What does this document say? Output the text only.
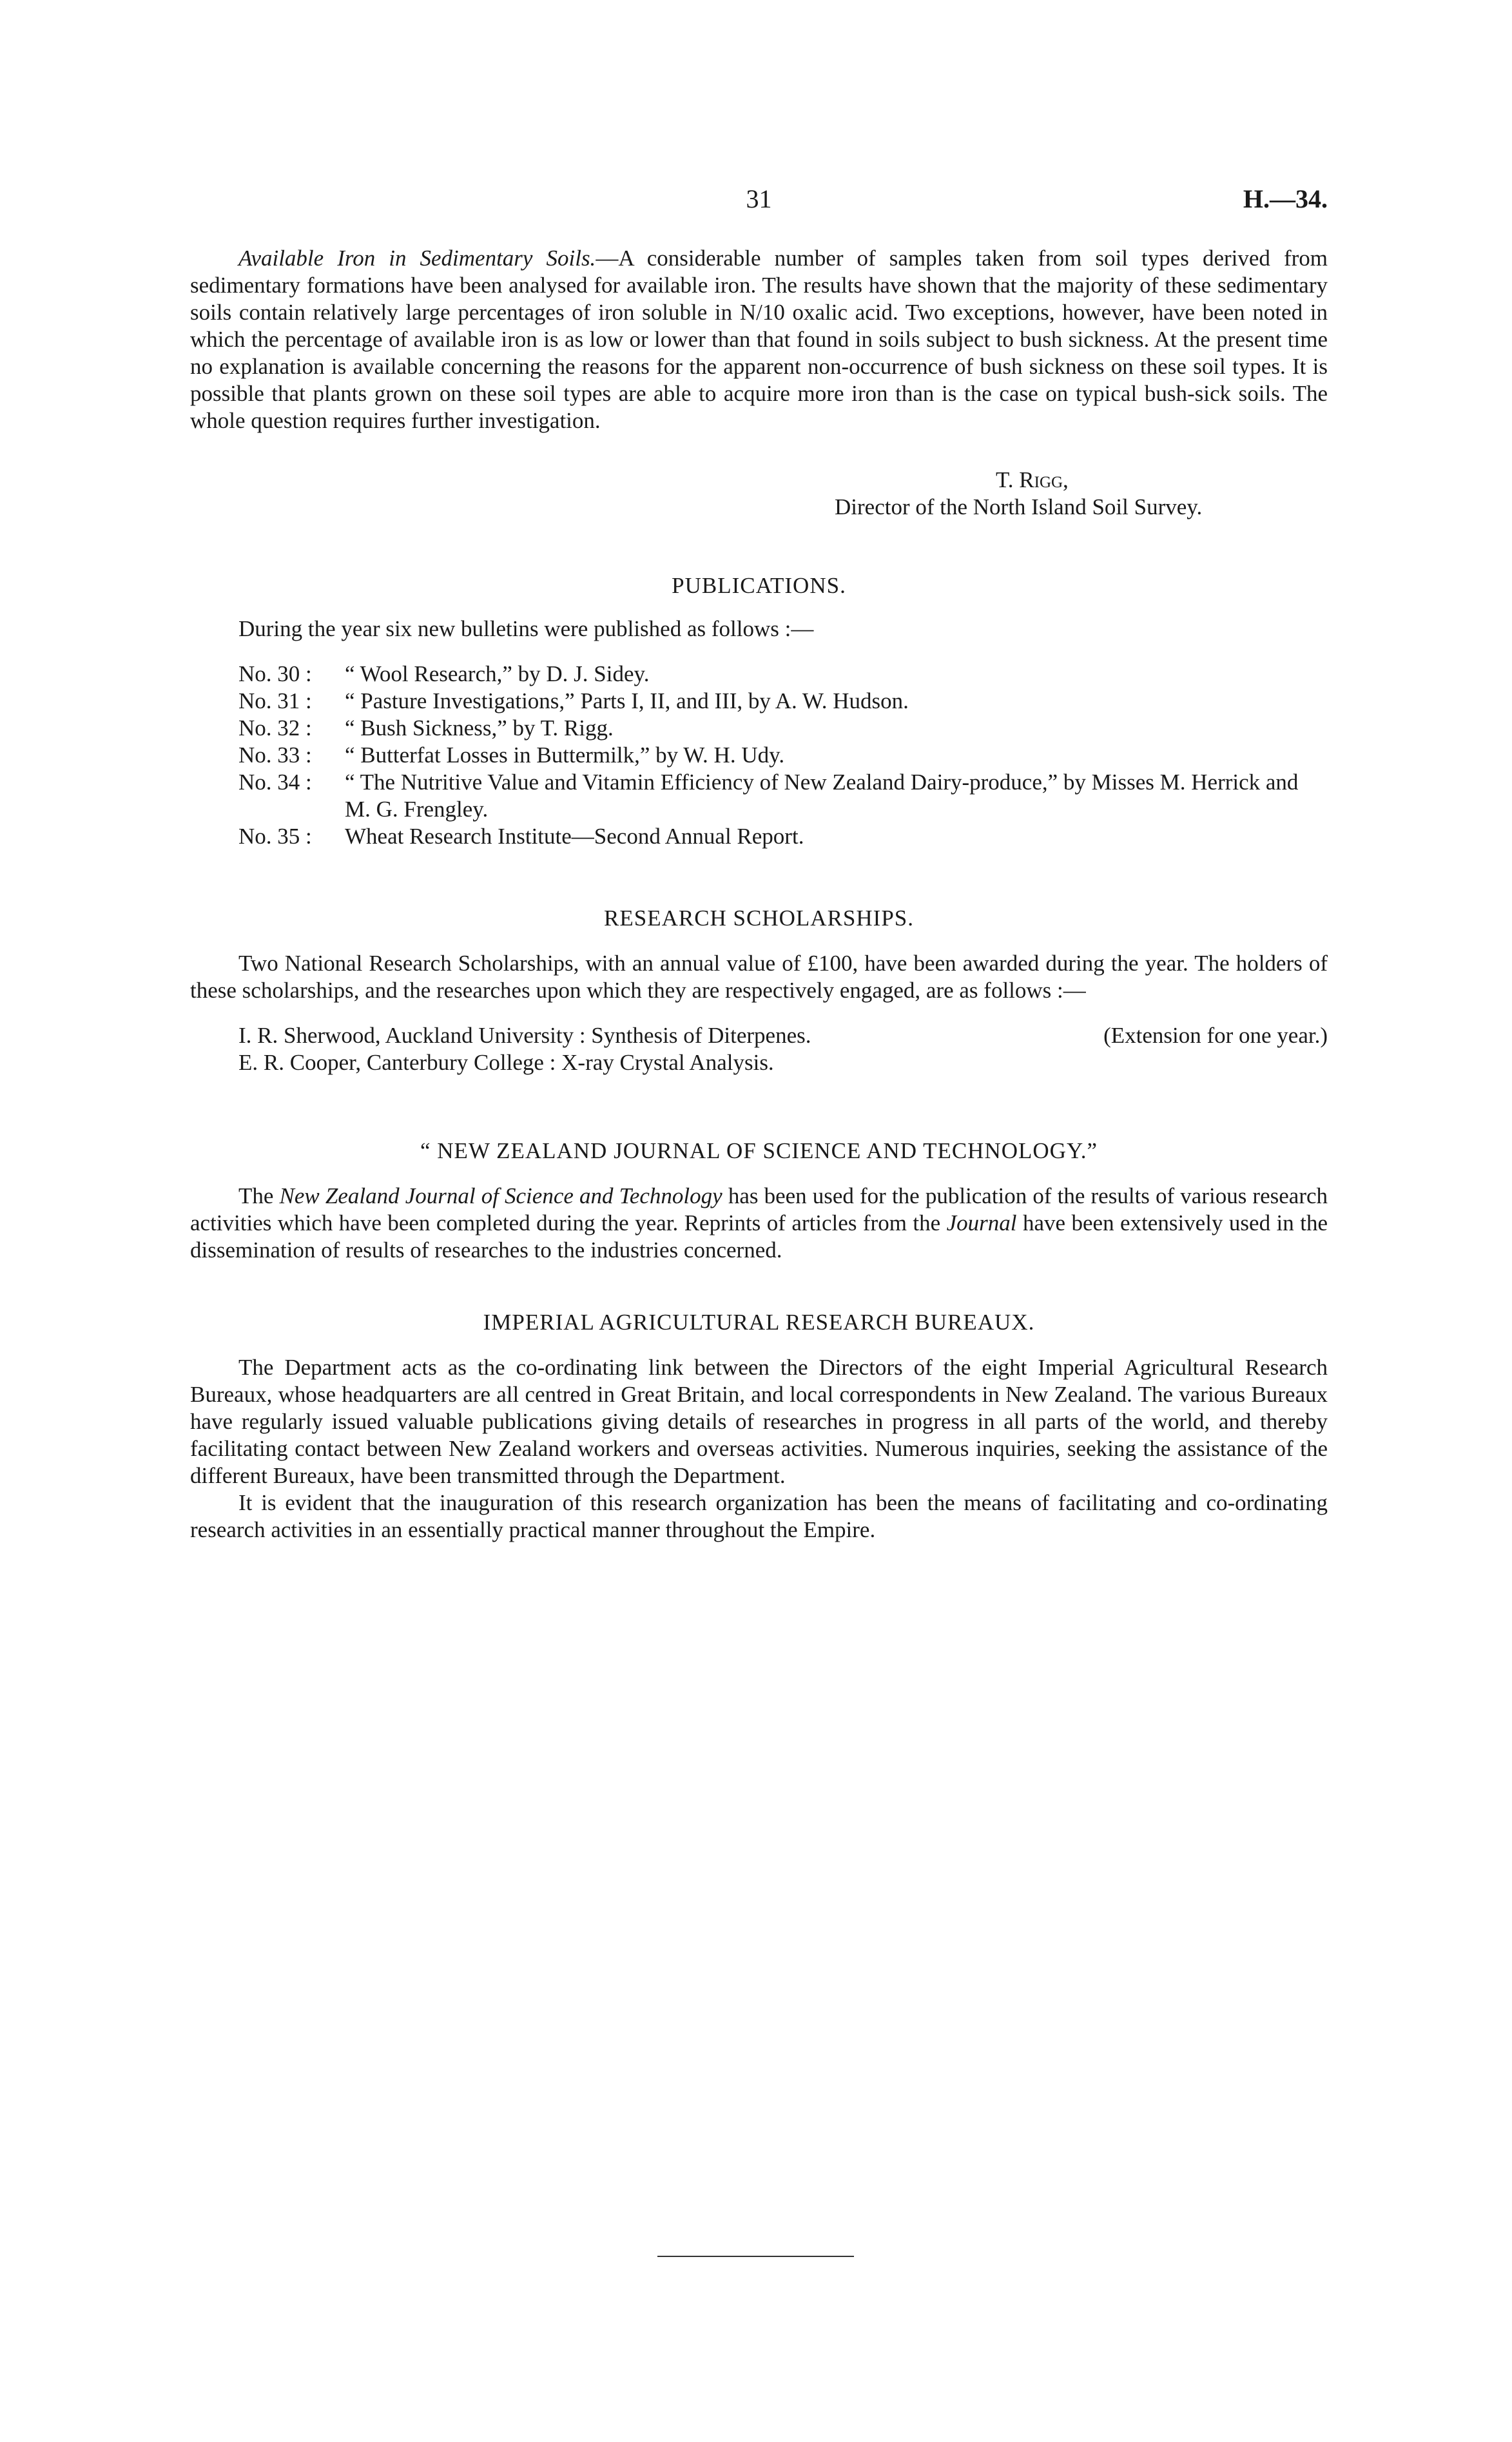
31	H.—34.

Available Iron in Sedimentary Soils.—A considerable number of samples taken from soil types derived from sedimentary formations have been analysed for available iron. The results have shown that the majority of these sedimentary soils contain relatively large percentages of iron soluble in N/10 oxalic acid. Two exceptions, however, have been noted in which the percentage of available iron is as low or lower than that found in soils subject to bush sickness. At the present time no explanation is available concerning the reasons for the apparent non-occurrence of bush sickness on these soil types. It is possible that plants grown on these soil types are able to acquire more iron than is the case on typical bush-sick soils. The whole question requires further investigation.

T. Rigg,
Director of the North Island Soil Survey.
PUBLICATIONS.

During the year six new bulletins were published as follows :—

No. 30 :	“ Wool Research,” by D. J. Sidey.
No. 31 :	“ Pasture Investigations,” Parts I, II, and III, by A. W. Hudson.
No. 32 :	“ Bush Sickness,” by T. Rigg.
No. 33 :	“ Butterfat Losses in Buttermilk,” by W. H. Udy.
No. 34 :	“ The Nutritive Value and Vitamin Efficiency of New Zealand Dairy-produce,” by Misses M. Herrick and M. G. Frengley.
No. 35 :	Wheat Research Institute—Second Annual Report.
RESEARCH SCHOLARSHIPS.

Two National Research Scholarships, with an annual value of £100, have been awarded during the year. The holders of these scholarships, and the researches upon which they are respectively engaged, are as follows :—

I. R. Sherwood, Auckland University : Synthesis of Diterpenes.	(Extension for one year.)
E. R. Cooper, Canterbury College : X-ray Crystal Analysis.
“ NEW ZEALAND JOURNAL OF SCIENCE AND TECHNOLOGY.”

The New Zealand Journal of Science and Technology has been used for the publication of the results of various research activities which have been completed during the year. Reprints of articles from the Journal have been extensively used in the dissemination of results of researches to the industries concerned.

IMPERIAL AGRICULTURAL RESEARCH BUREAUX.

The Department acts as the co-ordinating link between the Directors of the eight Imperial Agricultural Research Bureaux, whose headquarters are all centred in Great Britain, and local correspondents in New Zealand. The various Bureaux have regularly issued valuable publications giving details of researches in progress in all parts of the world, and thereby facilitating contact between New Zealand workers and overseas activities. Numerous inquiries, seeking the assistance of the different Bureaux, have been transmitted through the Department.

It is evident that the inauguration of this research organization has been the means of facilitating and co-ordinating research activities in an essentially practical manner throughout the Empire.
